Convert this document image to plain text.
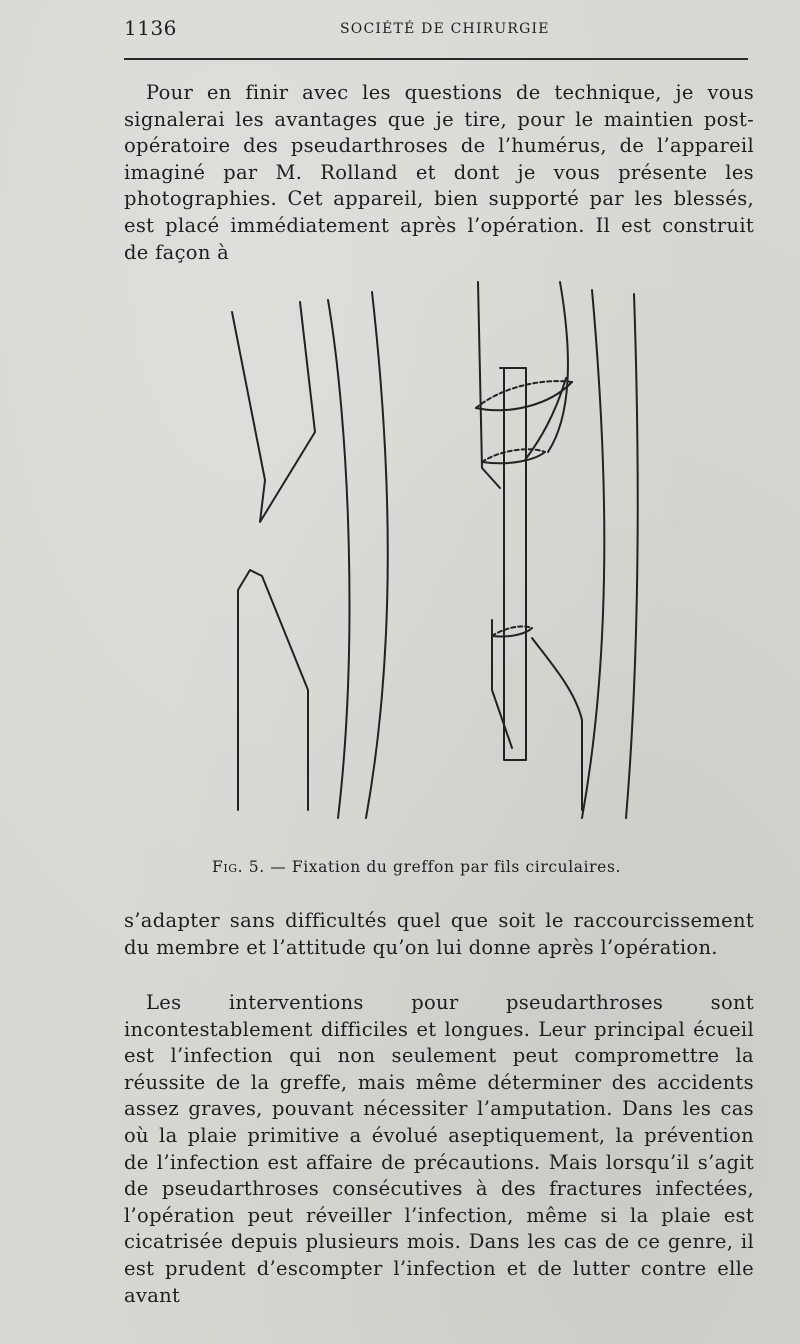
1136	SOCIÉTÉ DE CHIRURGIE

Pour en finir avec les questions de technique, je vous signalerai les avantages que je tire, pour le maintien post-opératoire des pseudarthroses de l’humérus, de l’appareil imaginé par M. Rolland et dont je vous présente les photographies. Cet appareil, bien supporté par les blessés, est placé immédiatement après l’opération. Il est construit de façon à

Fig. 5. — Fixation du greffon par fils circulaires.

s’adapter sans difficultés quel que soit le raccourcissement du membre et l’attitude qu’on lui donne après l’opération.

Les interventions pour pseudarthroses sont incontestablement difficiles et longues. Leur principal écueil est l’infection qui non seulement peut compromettre la réussite de la greffe, mais même déterminer des accidents assez graves, pouvant nécessiter l’amputation. Dans les cas où la plaie primitive a évolué aseptiquement, la prévention de l’infection est affaire de précautions. Mais lorsqu’il s’agit de pseudarthroses consécutives à des fractures infectées, l’opération peut réveiller l’infection, même si la plaie est cicatrisée depuis plusieurs mois. Dans les cas de ce genre, il est prudent d’escompter l’infection et de lutter contre elle avant
